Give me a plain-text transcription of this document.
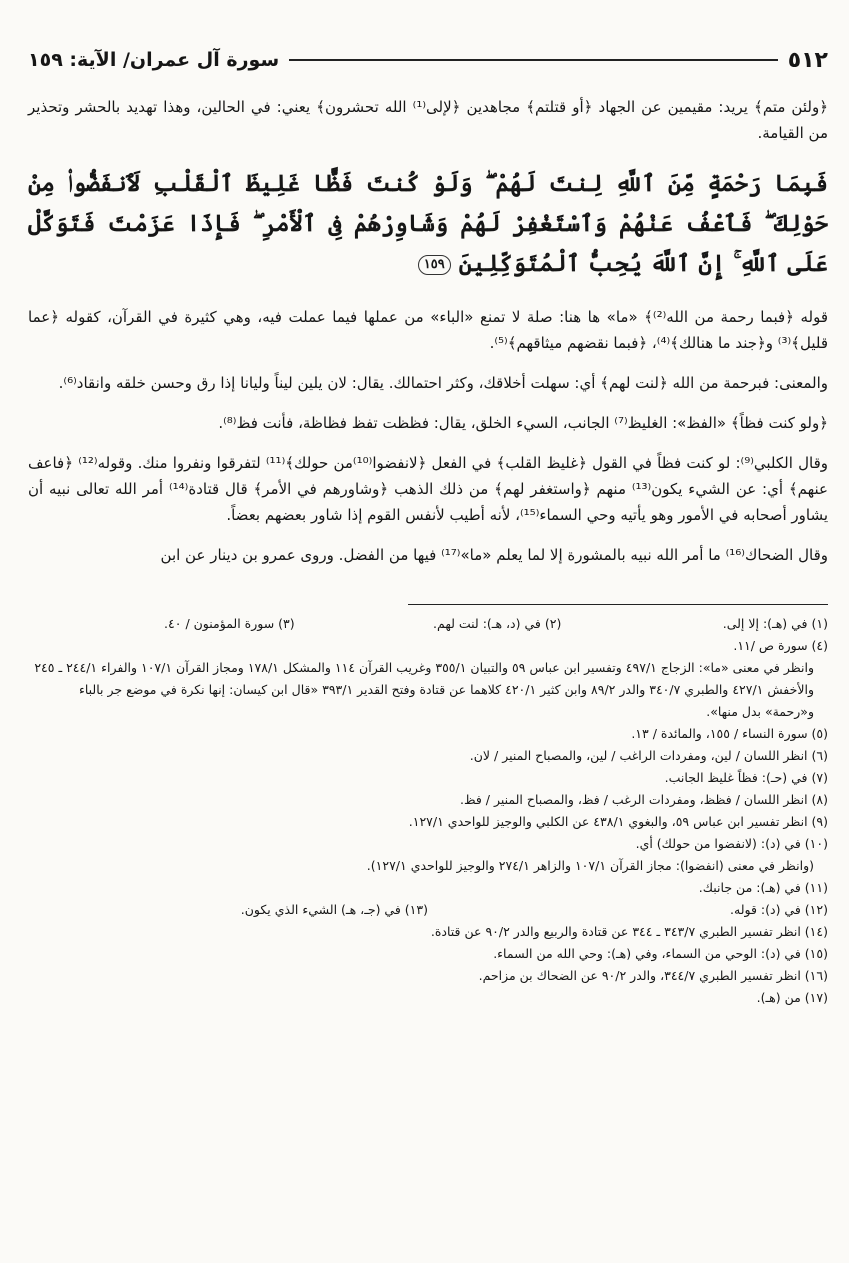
٥١٢
سورة آل عمران/ الآية: ١٥٩

﴿ولئن متم﴾ يريد: مقيمين عن الجهاد ﴿أو قتلتم﴾ مجاهدين ﴿لإلى⁽¹⁾ الله تحشرون﴾ يعني: في الحالين، وهذا تهديد بالحشر وتحذير من القيامة.

فَبِمَا رَحْمَةٍ مِّنَ ٱللَّهِ لِنتَ لَهُمْ ۖ وَلَوْ كُنتَ فَظًّا غَلِيظَ ٱلْقَلْبِ لَٱنفَضُّوا۟ مِنْ حَوْلِكَ ۖ فَٱعْفُ عَنْهُمْ وَٱسْتَغْفِرْ لَهُمْ وَشَاوِرْهُمْ فِى ٱلْأَمْرِ ۖ فَإِذَا عَزَمْتَ فَتَوَكَّلْ عَلَى ٱللَّهِ ۚ إِنَّ ٱللَّهَ يُحِبُّ ٱلْمُتَوَكِّلِينَ ١٥٩

قوله ﴿فبما رحمة من الله⁽²⁾﴾ «ما» ها هنا: صلة لا تمنع «الباء» من عملها فيما عملت فيه، وهي كثيرة في القرآن، كقوله ﴿عما قليل﴾⁽³⁾ و﴿جند ما هنالك﴾⁽⁴⁾، ﴿فبما نقضهم ميثاقهم﴾⁽⁵⁾.

والمعنى: فبرحمة من الله ﴿لنت لهم﴾ أي: سهلت أخلاقك، وكثر احتمالك. يقال: لان يلين ليناً وليانا إذا رق وحسن خلقه وانقاد⁽⁶⁾.

﴿ولو كنت فظاً﴾ «الفظ»: الغليظ⁽⁷⁾ الجانب، السيء الخلق، يقال: فظظت تفظ فظاظة، فأنت فظ⁽⁸⁾.

وقال الكلبي⁽⁹⁾: لو كنت فظاً في القول ﴿غليظ القلب﴾ في الفعل ﴿لانفضوا⁽¹⁰⁾من حولك﴾⁽¹¹⁾ لتفرقوا ونفروا منك. وقوله⁽¹²⁾ ﴿فاعف عنهم﴾ أي: عن الشيء يكون⁽¹³⁾ منهم ﴿واستغفر لهم﴾ من ذلك الذهب ﴿وشاورهم في الأمر﴾ قال قتادة⁽¹⁴⁾ أمر الله تعالى نبيه أن يشاور أصحابه في الأمور وهو يأتيه وحي السماء⁽¹⁵⁾، لأنه أطيب لأنفس القوم إذا شاور بعضهم بعضاً.

وقال الضحاك⁽¹⁶⁾ ما أمر الله نبيه بالمشورة إلا لما يعلم «ما»⁽¹⁷⁾ فيها من الفضل. وروى عمرو بن دينار عن ابن

(١) في (هـ): إلا إلى.
(٢) في (د، هـ): لنت لهم.
(٣) سورة المؤمنون / ٤٠.

(٤) سورة ص /١١.

وانظر في معنى «ما»: الزجاج ٤٩٧/١ وتفسير ابن عباس ٥٩ والتبيان ٣٥٥/١ وغريب القرآن ١١٤ والمشكل ١٧٨/١ ومجاز القرآن ١٠٧/١ والفراء ٢٤٤/١ ـ ٢٤٥ والأخفش ٤٢٧/١ والطبري ٣٤٠/٧ والدر ٨٩/٢ وابن كثير ٤٢٠/١ كلاهما عن قتادة وفتح القدير ٣٩٣/١ «قال ابن كيسان: إنها نكرة في موضع جر بالباء و«رحمة» بدل منها».

(٥) سورة النساء / ١٥٥، والمائدة / ١٣.

(٦) انظر اللسان / لين، ومفردات الراغب / لين، والمصباح المنير / لان.

(٧) في (حـ): فظاً غليظ الجانب.

(٨) انظر اللسان / فظظ، ومفردات الرغب / فظ، والمصباح المنير / فظ.

(٩) انظر تفسير ابن عباس ٥٩، والبغوي ٤٣٨/١ عن الكلبي والوجيز للواحدي ١٢٧/١.

(١٠) في (د): (لانفضوا من حولك) أي.

(وانظر في معنى (انفضوا): مجاز القرآن ١٠٧/١ والزاهر ٢٧٤/١ والوجيز للواحدي ١٢٧/١).

(١١) في (هـ): من جانبك.

(١٢) في (د): قوله.
(١٣) في (جـ، هـ) الشيء الذي يكون.

(١٤) انظر تفسير الطبري ٣٤٣/٧ ـ ٣٤٤ عن قتادة والربيع والدر ٩٠/٢ عن قتادة.

(١٥) في (د): الوحي من السماء، وفي (هـ): وحي الله من السماء.

(١٦) انظر تفسير الطبري ٣٤٤/٧، والدر ٩٠/٢ عن الضحاك بن مزاحم.

(١٧) من (هـ).
